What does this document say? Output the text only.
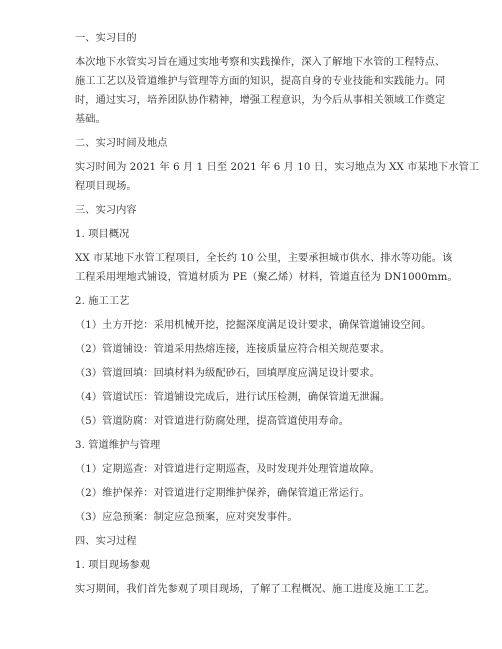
一、实习目的
本次地下水管实习旨在通过实地考察和实践操作，深入了解地下水管的工程特点、
施工工艺以及管道维护与管理等方面的知识，提高自身的专业技能和实践能力。同
时，通过实习，培养团队协作精神，增强工程意识，为今后从事相关领域工作奠定
基础。
二、实习时间及地点
实习时间为 2021 年 6 月 1 日至 2021 年 6 月 10 日，实习地点为 XX 市某地下水管工
程项目现场。
三、实习内容
1. 项目概况
XX 市某地下水管工程项目，全长约 10 公里，主要承担城市供水、排水等功能。该
工程采用埋地式铺设，管道材质为 PE（聚乙烯）材料，管道直径为 DN1000mm。
2. 施工工艺
（1）土方开挖：采用机械开挖，挖掘深度满足设计要求，确保管道铺设空间。
（2）管道铺设：管道采用热熔连接，连接质量应符合相关规范要求。
（3）管道回填：回填材料为级配砂石，回填厚度应满足设计要求。
（4）管道试压：管道铺设完成后，进行试压检测，确保管道无泄漏。
（5）管道防腐：对管道进行防腐处理，提高管道使用寿命。
3. 管道维护与管理
（1）定期巡查：对管道进行定期巡查，及时发现并处理管道故障。
（2）维护保养：对管道进行定期维护保养，确保管道正常运行。
（3）应急预案：制定应急预案，应对突发事件。
四、实习过程
1. 项目现场参观
实习期间，我们首先参观了项目现场，了解了工程概况、施工进度及施工工艺。
